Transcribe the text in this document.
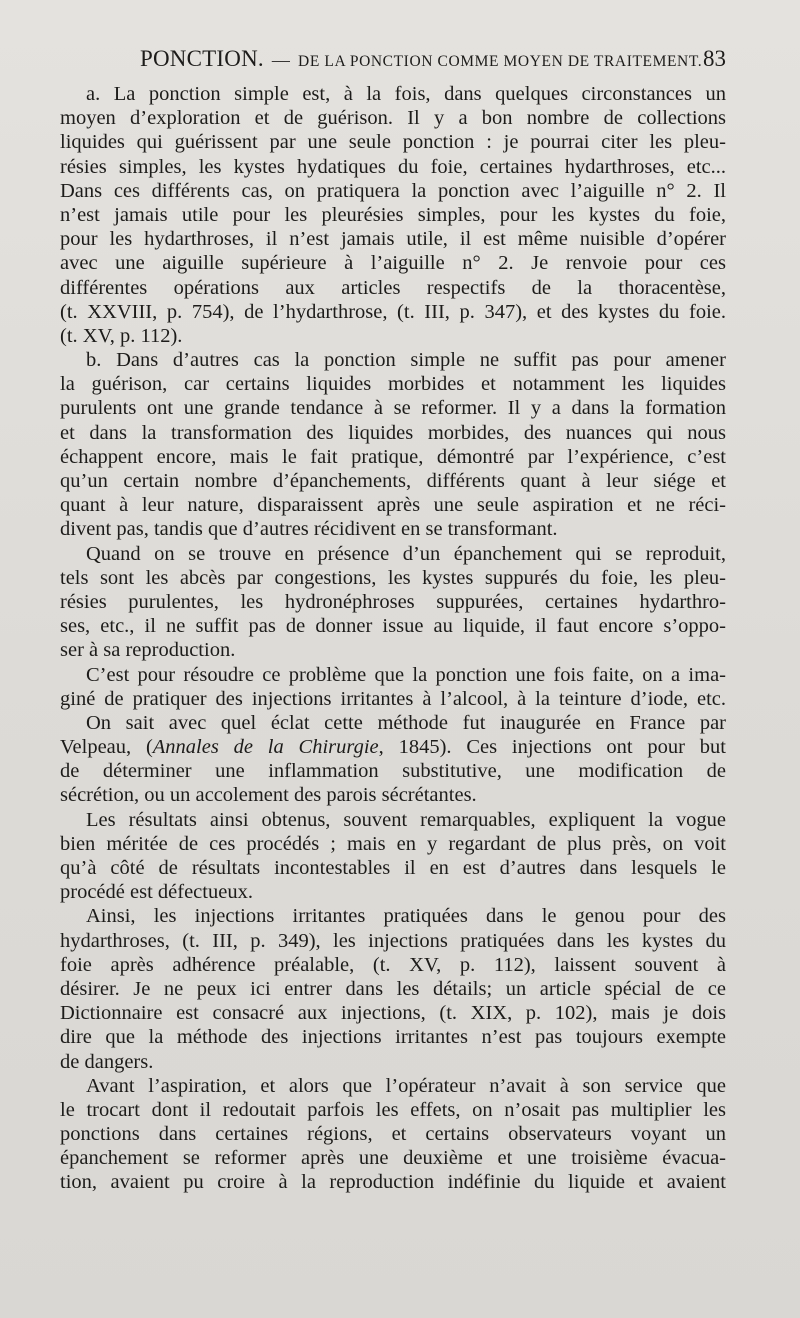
PONCTION. — DE LA PONCTION COMME MOYEN DE TRAITEMENT. 83
a. La ponction simple est, à la fois, dans quelques circonstances un
moyen d’exploration et de guérison. Il y a bon nombre de collections
liquides qui guérissent par une seule ponction : je pourrai citer les pleu-
résies simples, les kystes hydatiques du foie, certaines hydarthroses, etc...
Dans ces différents cas, on pratiquera la ponction avec l’aiguille n° 2. Il
n’est jamais utile pour les pleurésies simples, pour les kystes du foie,
pour les hydarthroses, il n’est jamais utile, il est même nuisible d’opérer
avec une aiguille supérieure à l’aiguille n° 2. Je renvoie pour ces
différentes opérations aux articles respectifs de la thoracentèse,
(t. XXVIII, p. 754), de l’hydarthrose, (t. III, p. 347), et des kystes du foie.
(t. XV, p. 112).
b. Dans d’autres cas la ponction simple ne suffit pas pour amener
la guérison, car certains liquides morbides et notamment les liquides
purulents ont une grande tendance à se reformer. Il y a dans la formation
et dans la transformation des liquides morbides, des nuances qui nous
échappent encore, mais le fait pratique, démontré par l’expérience, c’est
qu’un certain nombre d’épanchements, différents quant à leur siége et
quant à leur nature, disparaissent après une seule aspiration et ne réci-
divent pas, tandis que d’autres récidivent en se transformant.
Quand on se trouve en présence d’un épanchement qui se reproduit,
tels sont les abcès par congestions, les kystes suppurés du foie, les pleu-
résies purulentes, les hydronéphroses suppurées, certaines hydarthro-
ses, etc., il ne suffit pas de donner issue au liquide, il faut encore s’oppo-
ser à sa reproduction.
C’est pour résoudre ce problème que la ponction une fois faite, on a ima-
giné de pratiquer des injections irritantes à l’alcool, à la teinture d’iode, etc.
On sait avec quel éclat cette méthode fut inaugurée en France par
Velpeau, (Annales de la Chirurgie, 1845). Ces injections ont pour but
de déterminer une inflammation substitutive, une modification de
sécrétion, ou un accolement des parois sécrétantes.
Les résultats ainsi obtenus, souvent remarquables, expliquent la vogue
bien méritée de ces procédés ; mais en y regardant de plus près, on voit
qu’à côté de résultats incontestables il en est d’autres dans lesquels le
procédé est défectueux.
Ainsi, les injections irritantes pratiquées dans le genou pour des
hydarthroses, (t. III, p. 349), les injections pratiquées dans les kystes du
foie après adhérence préalable, (t. XV, p. 112), laissent souvent à
désirer. Je ne peux ici entrer dans les détails; un article spécial de ce
Dictionnaire est consacré aux injections, (t. XIX, p. 102), mais je dois
dire que la méthode des injections irritantes n’est pas toujours exempte
de dangers.
Avant l’aspiration, et alors que l’opérateur n’avait à son service que
le trocart dont il redoutait parfois les effets, on n’osait pas multiplier les
ponctions dans certaines régions, et certains observateurs voyant un
épanchement se reformer après une deuxième et une troisième évacua-
tion, avaient pu croire à la reproduction indéfinie du liquide et avaient
